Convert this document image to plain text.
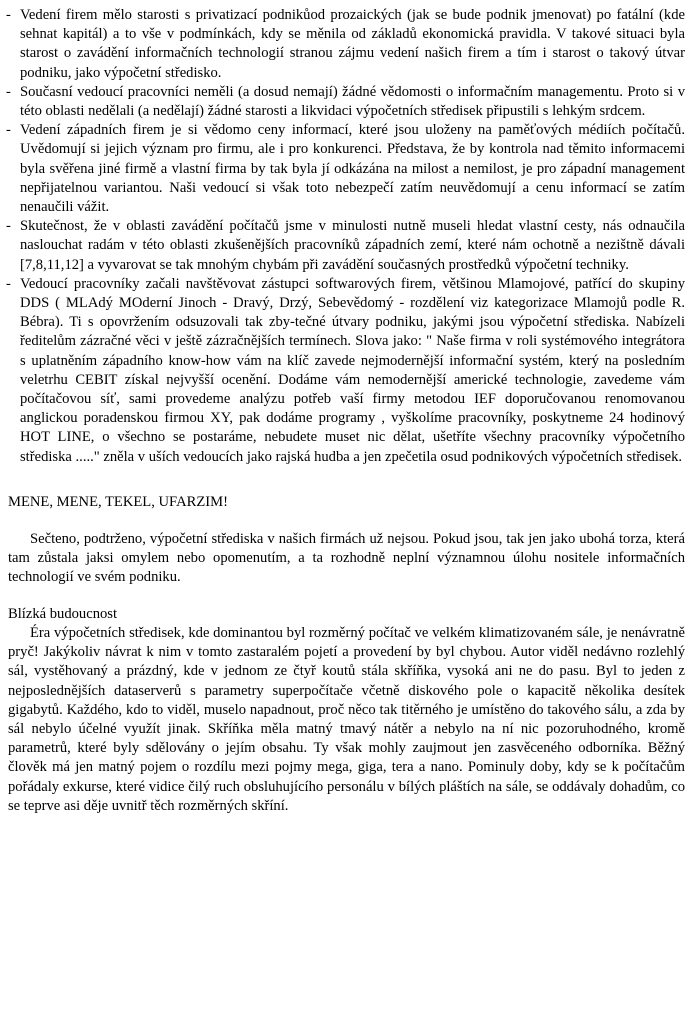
- Vedení firem mělo starosti s privatizací podnikůod prozaických (jak se bude podnik jmenovat) po fatální (kde sehnat kapitál) a to vše v podmínkách, kdy se měnila od základů ekonomická pravidla. V takové situaci byla starost o zavádění informačních technologií stranou zájmu vedení našich firem a tím i starost o takový útvar podniku, jako výpočetní středisko.
- Současní vedoucí pracovníci neměli (a dosud nemají) žádné vědomosti o informačním managementu. Proto si v této oblasti nedělali (a nedělají) žádné starosti a likvidaci výpočetních středisek připustili s lehkým srdcem.
- Vedení západních firem je si vědomo ceny informací, které jsou uloženy na paměťových médiích počítačů. Uvědomují si jejich význam pro firmu, ale i pro konkurenci. Představa, že by kontrola nad těmito informacemi byla svěřena jiné firmě a vlastní firma by tak byla jí odkázána na milost a nemilost, je pro západní management nepřijatelnou variantou. Naši vedoucí si však toto nebezpečí zatím neuvědomují a cenu informací se zatím nenaučili vážit.
- Skutečnost, že v oblasti zavádění počítačů jsme v minulosti nutně museli hledat vlastní cesty, nás odnaučila naslouchat radám v této oblasti zkušenějších pracovníků západních zemí, které nám ochotně a nezištně dávali [7,8,11,12] a vyvarovat se tak mnohým chybám při zavádění současných prostředků výpočetní techniky.
- Vedoucí pracovníky začali navštěvovat zástupci softwarových firem, většinou Mlamojové, patřící do skupiny DDS ( MLAdý MOderní Jinoch - Dravý, Drzý, Sebevědomý - rozdělení viz kategorizace Mlamojů podle R. Bébra). Ti s opovržením odsuzovali tak zby-tečné útvary podniku, jakými jsou výpočetní střediska. Nabízeli ředitelům zázračné věci v ještě zázračnějších termínech. Slova jako: " Naše firma v roli systémového integrátora s uplatněním západního know-how vám na klíč zavede nejmodernější informační systém, který na posledním veletrhu CEBIT získal nejvyšší ocenění. Dodáme vám nemodernější americké technologie, zavedeme vám počítačovou síť, sami provedeme analýzu potřeb vaší firmy metodou IEF doporučovanou renomovanou anglickou poradenskou firmou XY, pak dodáme programy , vyškolíme pracovníky, poskytneme 24 hodinový HOT LINE, o všechno se postaráme, nebudete muset nic dělat, ušetříte všechny pracovníky výpočetního střediska ....." zněla v uších vedoucích jako rajská hudba a jen zpečetila osud podnikových výpočetních středisek.
MENE, MENE, TEKEL, UFARZIM!

Sečteno, podtrženo, výpočetní střediska v našich firmách už nejsou. Pokud jsou, tak jen jako ubohá torza, která tam zůstala jaksi omylem nebo opomenutím, a ta rozhodně neplní významnou úlohu nositele informačních technologií ve svém podniku.

Blízká budoucnost

Éra výpočetních středisek, kde dominantou byl rozměrný počítač ve velkém klimatizovaném sále, je nenávratně pryč! Jakýkoliv návrat k nim v tomto zastaralém pojetí a provedení by byl chybou. Autor viděl nedávno rozlehlý sál, vystěhovaný a prázdný, kde v jednom ze čtyř koutů stála skříňka, vysoká ani ne do pasu. Byl to jeden z nejposlednějších dataserverů s parametry superpočítače včetně diskového pole o kapacitě několika desítek gigabytů. Každého, kdo to viděl, muselo napadnout, proč něco tak titěrného je umístěno do takového sálu, a zda by sál nebylo účelné využít jinak. Skříňka měla matný tmavý nátěr a nebylo na ní nic pozoruhodného, kromě parametrů, které byly sdělovány o jejím obsahu. Ty však mohly zaujmout jen zasvěceného odborníka. Běžný člověk má jen matný pojem o rozdílu mezi pojmy mega, giga, tera a nano. Pominuly doby, kdy se k počítačům pořádaly exkurse, které vidice čilý ruch obsluhujícího personálu v bílých pláštích na sále, se oddávaly dohadům, co se teprve asi děje uvnitř těch rozměrných skříní.
